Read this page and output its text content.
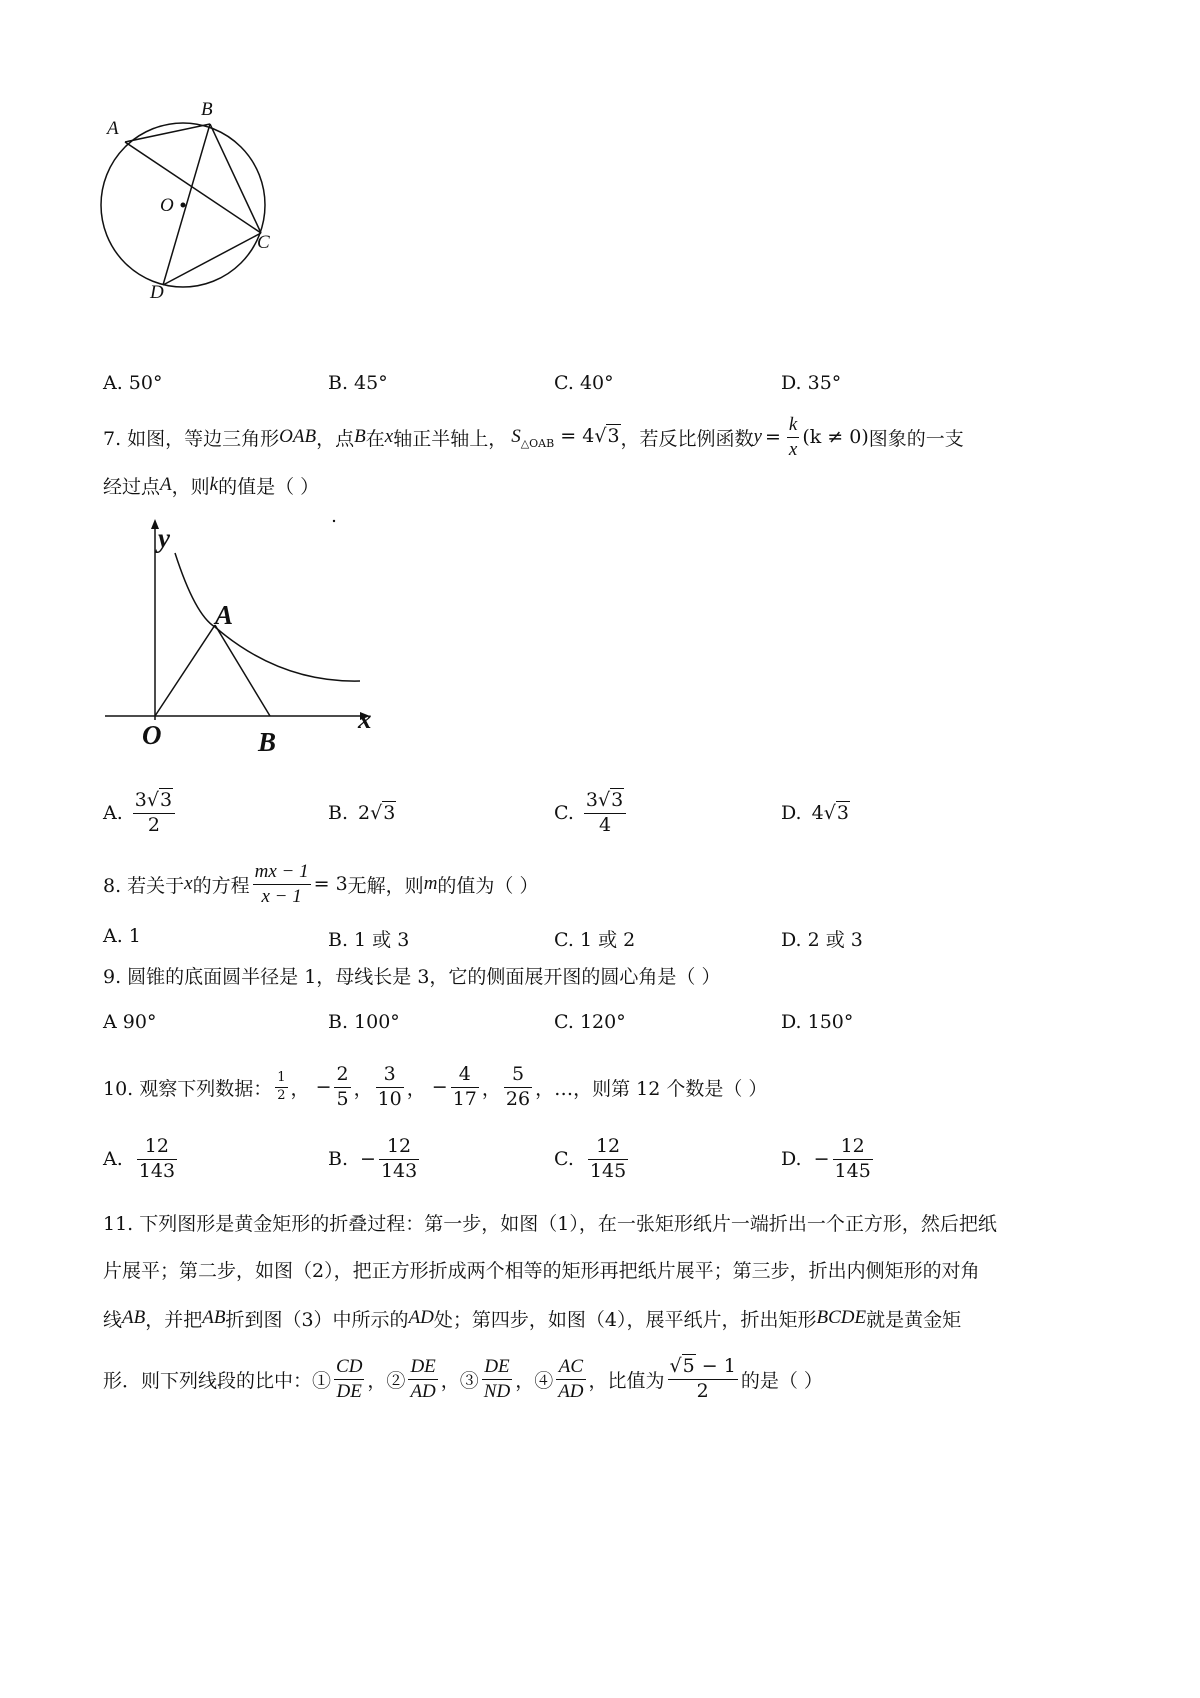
A
B
O
C
D
A. 50°	B. 45°	C. 40°	D. 35°
7. 如图，等边三角形 OAB ，点 B 在 x 轴正半轴上， $S_{\triangle OAB} = 4√3$ ，若反比例函数 $y = \frac{k}{x} (k \ne 0)$ 图象的一支
经过点 A ，则 k 的值是（ ）
y
x
A
O	B
A. $\frac{3√3}{2}$	B. 2 √3	C. $\frac{3√3}{4}$	D. 4 √3
8. 若关于 x 的方程 $\frac{mx - 1}{x - 1} = 3$ 无解，则 m 的值为（ ）
A. 1	B. 1 或 3	C. 1 或 2	D. 2 或 3
9. 圆锥的底面圆半径是 1，母线长是 3，它的侧面展开图的圆心角是（ ）
A 90°	B. 100°	C. 120°	D. 150°
10. 观察下列数据： $\frac{1}{2}$ ， − $\frac{2}{5}$ ， $\frac{3}{10}$ ， − $\frac{4}{17}$ ， $\frac{5}{26}$ ，…，则第 12 个数是（ ）
A. $\frac{12}{143}$	B. − $\frac{12}{143}$	C. $\frac{12}{145}$	D. − $\frac{12}{145}$
11. 下列图形是黄金矩形的折叠过程：第一步，如图（1），在一张矩形纸片一端折出一个正方形，然后把纸
片展平；第二步，如图（2），把正方形折成两个相等的矩形再把纸片展平；第三步，折出内侧矩形的对角
线 AB ，并把 AB 折到图（3）中所示的 AD 处；第四步，如图（4），展平纸片，折出矩形 BCDE 就是黄金矩
形．则下列线段的比中：① $\frac{CD}{DE}$ ，② $\frac{DE}{AD}$ ，③ $\frac{DE}{ND}$ ，④ $\frac{AC}{AD}$ ，比值为 $\frac{√5 - 1}{2}$ 的是（ ）
